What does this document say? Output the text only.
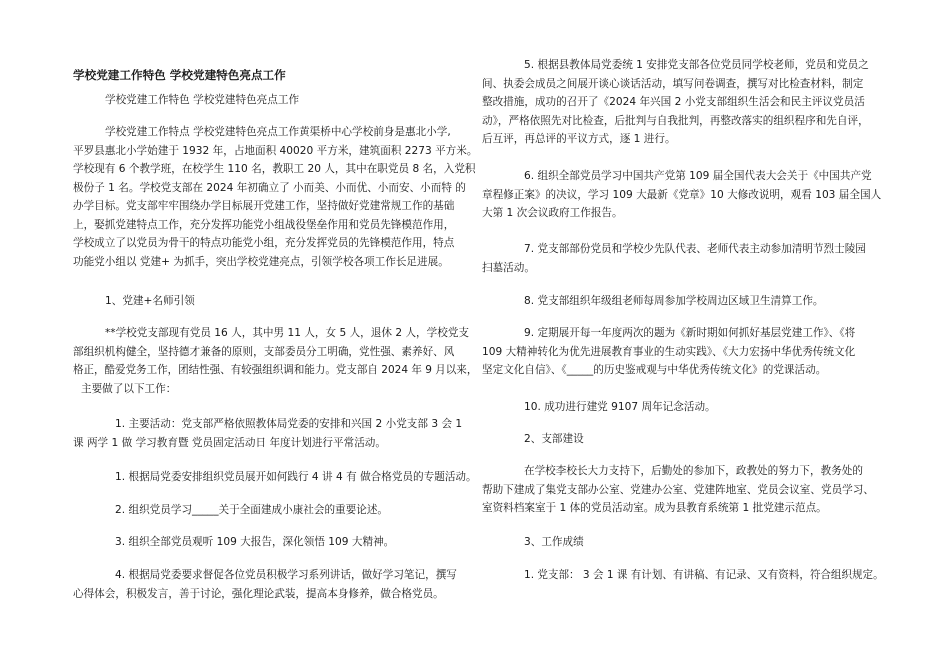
学校党建工作特色 学校党建特色亮点工作

学校党建工作特色 学校党建特色亮点工作

学校党建工作特点 学校党建特色亮点工作黄渠桥中心学校前身是惠北小学,
平罗县惠北小学始建于 1932 年，占地面积 40020 平方米，建筑面积 2273 平方米。
学校现有 6 个教学班，在校学生 110 名，教职工 20 人，其中在职党员 8 名，入党积
极份子 1 名。学校党支部在 2024 年初确立了 小而美、小而优、小而安、小而特 的
办学目标。党支部牢牢围绕办学目标展开党建工作，坚持做好党建常规工作的基础
上，娶抓党建特点工作，充分发挥功能党小组战役堡垒作用和党员先锋模范作用，
学校成立了以党员为骨干的特点功能党小组，充分发挥党员的先锋模范作用，特点
功能党小组以 党建+ 为抓手，突出学校党建亮点，引领学校各项工作长足进展。

1、党建+名师引领

**学校党支部现有党员 16 人，其中男 11 人，女 5 人，退休 2 人，学校党支
部组织机构健全，坚持德才兼备的原则，支部委员分工明确，党性强、素养好、风
格正，酷爱党务工作，团结性强、有较强组织调和能力。党支部自 2024 年 9 月以来，
主要做了以下工作：
1. 主要活动：党支部严格依照教体局党委的安排和兴国 2 小党支部 3 会 1
课 两学 1 做 学习教育暨 党员固定活动日 年度计划进行平常活动。

1. 根据局党委安排组织党员展开如何践行 4 讲 4 有 做合格党员的专题活动。

2. 组织党员学习_____关于全面建成小康社会的重要论述。

3. 组织全部党员观听 109 大报告，深化领悟 109 大精神。

4. 根据局党委要求督促各位党员积极学习系列讲话，做好学习笔记，撰写
心得体会，积极发言，善于讨论，强化理论武装，提高本身修养，做合格党员。
5. 根据县教体局党委统 1 安排党支部各位党员同学校老师，党员和党员之
间、执委会成员之间展开谈心谈话活动，填写问卷调查，撰写对比检查材料，制定
整改措施，成功的召开了《2024 年兴国 2 小党支部组织生活会和民主评议党员活
动》，严格依照先对比检查，后批判与自我批判，再整改落实的组织程序和先自评，
后互评，再总评的平议方式，逐 1 进行。
6. 组织全部党员学习中国共产党第 109 届全国代表大会关于《中国共产党
章程修正案》的决议，学习 109 大最新《党章》10 大修改说明，观看 103 届全国人
大第 1 次会议政府工作报告。
7. 党支部部份党员和学校少先队代表、老师代表主动参加清明节烈士陵园
扫墓活动。

8. 党支部组织年级组老师每周参加学校周边区域卫生清算工作。

9. 定期展开每一年度两次的题为《新时期如何抓好基层党建工作》、《将
109 大精神转化为优先进展教育事业的生动实践》、《大力宏扬中华优秀传统文化
坚定文化自信》、《_____的历史鉴戒观与中华优秀传统文化》的党课活动。

10. 成功进行建党 9107 周年记念活动。

2、支部建设

在学校李校长大力支持下，后勤处的参加下，政教处的努力下，教务处的
帮助下建成了集党支部办公室、党建办公室、党建阵地室、党员会议室、党员学习、
室资料档案室于 1 体的党员活动室。成为县教育系统第 1 批党建示范点。

3、工作成绩

1. 党支部： 3 会 1 课 有计划、有讲稿、有记录、又有资料，符合组织规定。
